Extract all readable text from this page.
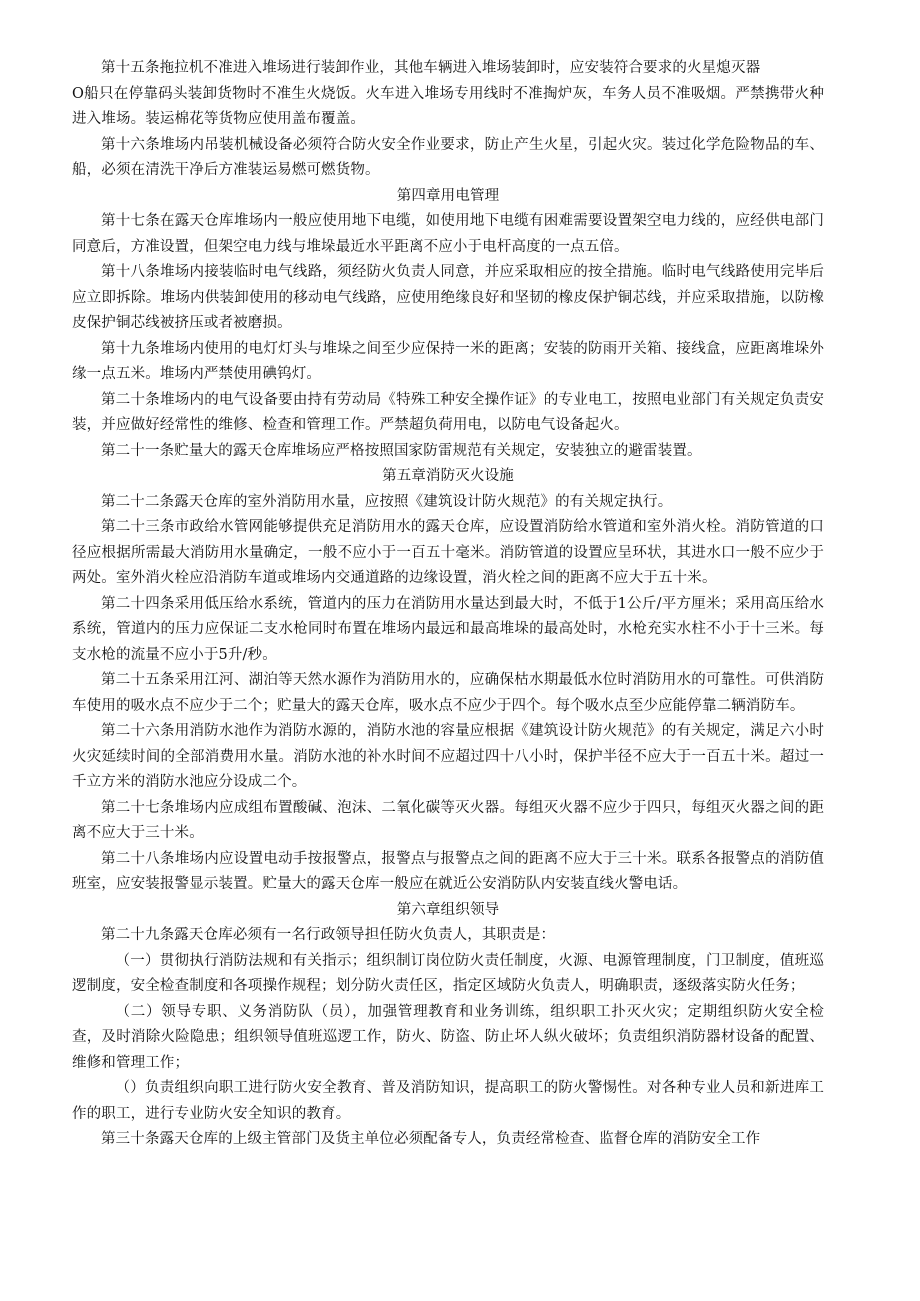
第十五条拖拉机不准进入堆场进行装卸作业，其他车辆进入堆场装卸时，应安装符合要求的火星熄灭器

O船只在停靠码头装卸货物时不准生火烧饭。火车进入堆场专用线时不准掏炉灰，车务人员不准吸烟。严禁携带火种进入堆场。装运棉花等货物应使用盖布覆盖。

第十六条堆场内吊装机械设备必须符合防火安全作业要求，防止产生火星，引起火灾。装过化学危险物品的车、船，必须在清洗干净后方准装运易燃可燃货物。

第四章用电管理

第十七条在露天仓库堆场内一般应使用地下电缆，如使用地下电缆有困难需要设置架空电力线的，应经供电部门同意后，方准设置，但架空电力线与堆垛最近水平距离不应小于电杆高度的一点五倍。

第十八条堆场内接装临时电气线路，须经防火负责人同意，并应采取相应的按全措施。临时电气线路使用完毕后应立即拆除。堆场内供装卸使用的移动电气线路，应使用绝缘良好和坚韧的橡皮保护铜芯线，并应采取措施，以防橡皮保护铜芯线被挤压或者被磨损。

第十九条堆场内使用的电灯灯头与堆垛之间至少应保持一米的距离；安装的防雨开关箱、接线盒，应距离堆垛外缘一点五米。堆场内严禁使用碘钨灯。

第二十条堆场内的电气设备要由持有劳动局《特殊工种安全操作证》的专业电工，按照电业部门有关规定负责安装，并应做好经常性的维修、检查和管理工作。严禁超负荷用电，以防电气设备起火。

第二十一条贮量大的露天仓库堆场应严格按照国家防雷规范有关规定，安装独立的避雷装置。

第五章消防灭火设施

第二十二条露天仓库的室外消防用水量，应按照《建筑设计防火规范》的有关规定执行。

第二十三条市政给水管网能够提供充足消防用水的露天仓库，应设置消防给水管道和室外消火栓。消防管道的口径应根据所需最大消防用水量确定，一般不应小于一百五十毫米。消防管道的设置应呈环状，其进水口一般不应少于两处。室外消火栓应沿消防车道或堆场内交通道路的边缘设置，消火栓之间的距离不应大于五十米。

第二十四条采用低压给水系统，管道内的压力在消防用水量达到最大时，不低于1公斤/平方厘米；采用高压给水系统，管道内的压力应保证二支水枪同时布置在堆场内最远和最高堆垛的最高处时，水枪充实水柱不小于十三米。每支水枪的流量不应小于5升/秒。

第二十五条采用江河、湖泊等天然水源作为消防用水的，应确保枯水期最低水位时消防用水的可靠性。可供消防车使用的吸水点不应少于二个；贮量大的露天仓库，吸水点不应少于四个。每个吸水点至少应能停靠二辆消防车。

第二十六条用消防水池作为消防水源的，消防水池的容量应根据《建筑设计防火规范》的有关规定，满足六小时火灾延续时间的全部消费用水量。消防水池的补水时间不应超过四十八小时，保护半径不应大于一百五十米。超过一千立方米的消防水池应分设成二个。

第二十七条堆场内应成组布置酸碱、泡沫、二氧化碳等灭火器。每组灭火器不应少于四只，每组灭火器之间的距离不应大于三十米。

第二十八条堆场内应设置电动手按报警点，报警点与报警点之间的距离不应大于三十米。联系各报警点的消防值班室，应安装报警显示装置。贮量大的露天仓库一般应在就近公安消防队内安装直线火警电话。

第六章组织领导

第二十九条露天仓库必须有一名行政领导担任防火负责人，其职责是：

（一）贯彻执行消防法规和有关指示；组织制订岗位防火责任制度，火源、电源管理制度，门卫制度，值班巡逻制度，安全检查制度和各项操作规程；划分防火责任区，指定区域防火负责人，明确职责，逐级落实防火任务；

（二）领导专职、义务消防队（员），加强管理教育和业务训练，组织职工扑灭火灾；定期组织防火安全检查，及时消除火险隐患；组织领导值班巡逻工作，防火、防盗、防止坏人纵火破坏；负责组织消防器材设备的配置、维修和管理工作；

（）负责组织向职工进行防火安全教育、普及消防知识，提高职工的防火警惕性。对各种专业人员和新进库工作的职工，进行专业防火安全知识的教育。

第三十条露天仓库的上级主管部门及货主单位必须配备专人，负责经常检查、监督仓库的消防安全工作
